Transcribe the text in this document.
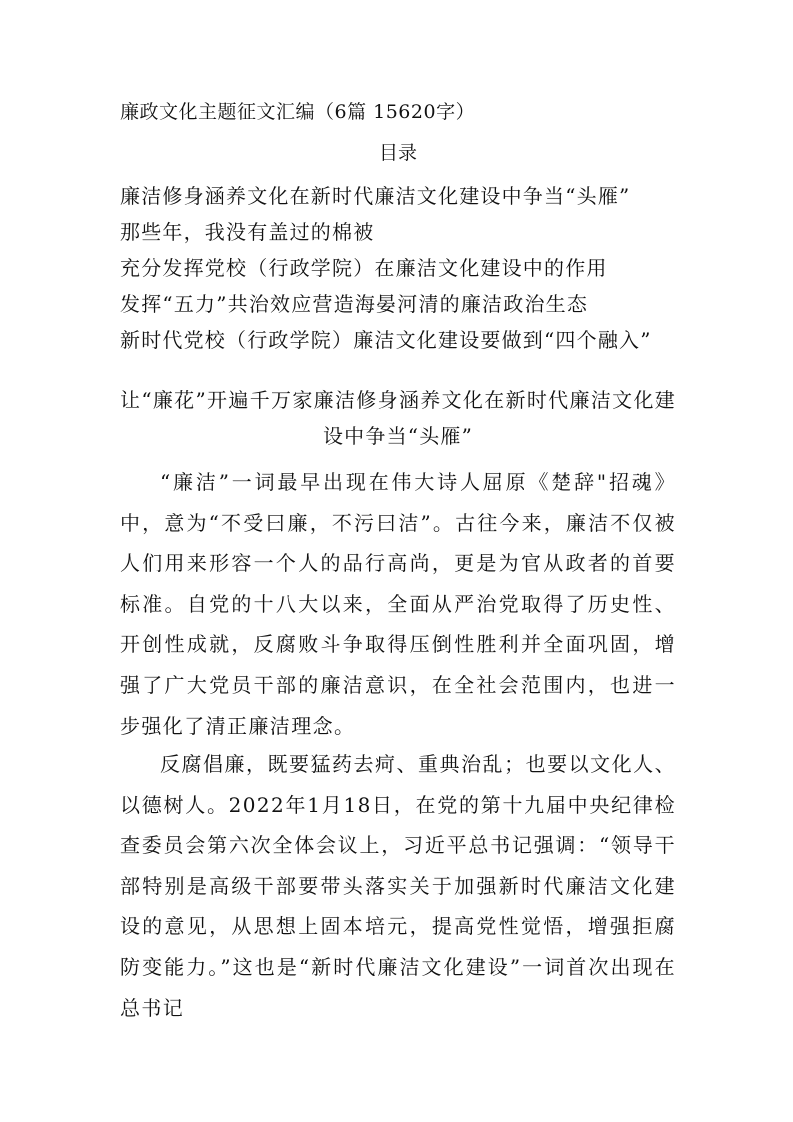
廉政文化主题征文汇编（6篇 15620字）
目录
廉洁修身涵养文化在新时代廉洁文化建设中争当“头雁”
那些年，我没有盖过的棉被
充分发挥党校（行政学院）在廉洁文化建设中的作用
发挥“五力”共治效应营造海晏河清的廉洁政治生态
新时代党校（行政学院）廉洁文化建设要做到“四个融入”
让“廉花”开遍千万家廉洁修身涵养文化在新时代廉洁文化建设中争当“头雁”

“廉洁”一词最早出现在伟大诗人屈原《楚辞"招魂》中，意为“不受曰廉，不污曰洁”。古往今来，廉洁不仅被人们用来形容一个人的品行高尚，更是为官从政者的首要标准。自党的十八大以来，全面从严治党取得了历史性、开创性成就，反腐败斗争取得压倒性胜利并全面巩固，增强了广大党员干部的廉洁意识，在全社会范围内，也进一步强化了清正廉洁理念。

反腐倡廉，既要猛药去疴、重典治乱；也要以文化人、以德树人。2022年1月18日，在党的第十九届中央纪律检查委员会第六次全体会议上，习近平总书记强调：“领导干部特别是高级干部要带头落实关于加强新时代廉洁文化建设的意见，从思想上固本培元，提高党性觉悟，增强拒腐防变能力。”这也是“新时代廉洁文化建设”一词首次出现在总书记
